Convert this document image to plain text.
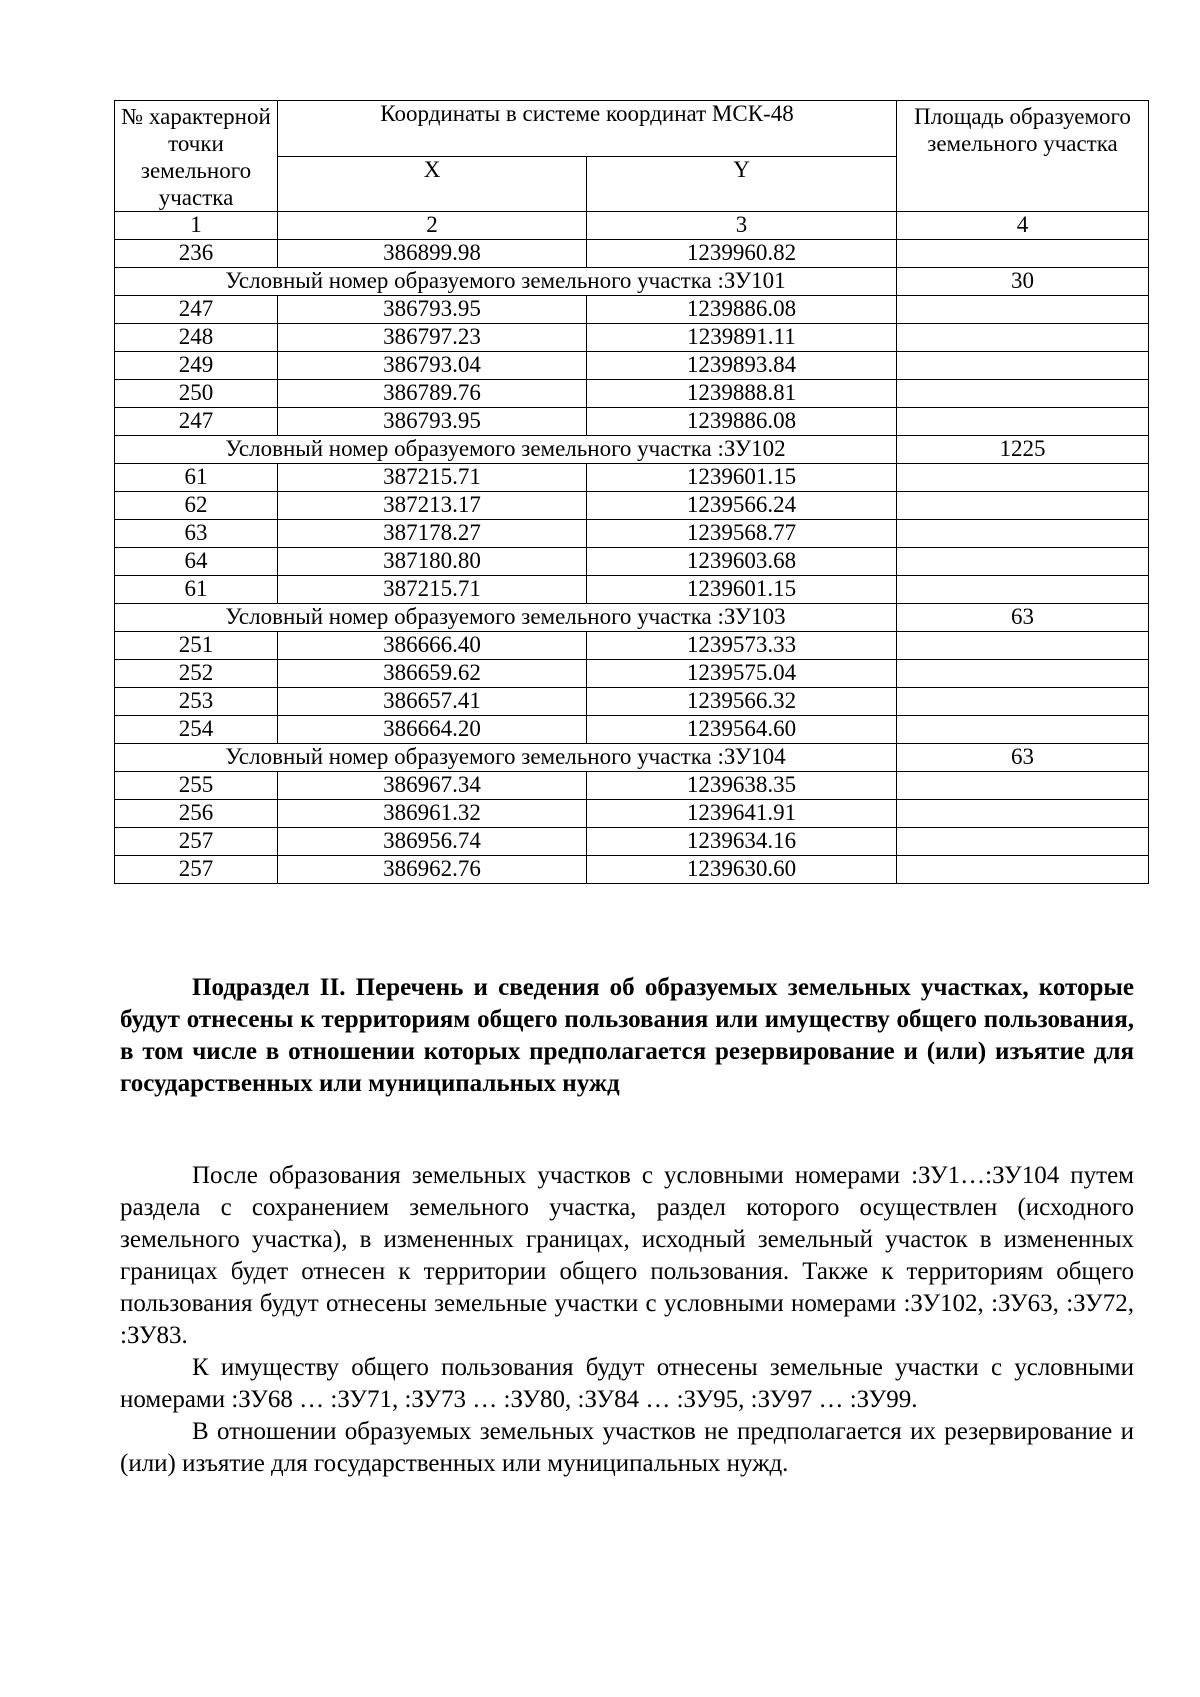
№ характерной точки земельного участка	Координаты в системе координат МСК-48		Площадь образуемого земельного участка
	X	Y	
1	2	3	4
236	386899.98	1239960.82	
Условный номер образуемого земельного участка :ЗУ101			30
247	386793.95	1239886.08	
248	386797.23	1239891.11	
249	386793.04	1239893.84	
250	386789.76	1239888.81	
247	386793.95	1239886.08	
Условный номер образуемого земельного участка :ЗУ102			1225
61	387215.71	1239601.15	
62	387213.17	1239566.24	
63	387178.27	1239568.77	
64	387180.80	1239603.68	
61	387215.71	1239601.15	
Условный номер образуемого земельного участка :ЗУ103			63
251	386666.40	1239573.33	
252	386659.62	1239575.04	
253	386657.41	1239566.32	
254	386664.20	1239564.60	
Условный номер образуемого земельного участка :ЗУ104			63
255	386967.34	1239638.35	
256	386961.32	1239641.91	
257	386956.74	1239634.16	
257	386962.76	1239630.60	
Подраздел II. Перечень и сведения об образуемых земельных участках, которые будут отнесены к территориям общего пользования или имуществу общего пользования, в том числе в отношении которых предполагается резервирование и (или) изъятие для государственных или муниципальных нужд

После образования земельных участков с условными номерами :ЗУ1…:ЗУ104 путем раздела с сохранением земельного участка, раздел которого осуществлен (исходного земельного участка), в измененных границах, исходный земельный участок в измененных границах будет отнесен к территории общего пользования. Также к территориям общего пользования будут отнесены земельные участки с условными номерами :ЗУ102, :ЗУ63, :ЗУ72, :ЗУ83.

К имуществу общего пользования будут отнесены земельные участки с условными номерами :ЗУ68 … :ЗУ71, :ЗУ73 … :ЗУ80, :ЗУ84 … :ЗУ95, :ЗУ97 … :ЗУ99.

В отношении образуемых земельных участков не предполагается их резервирование и (или) изъятие для государственных или муниципальных нужд.
